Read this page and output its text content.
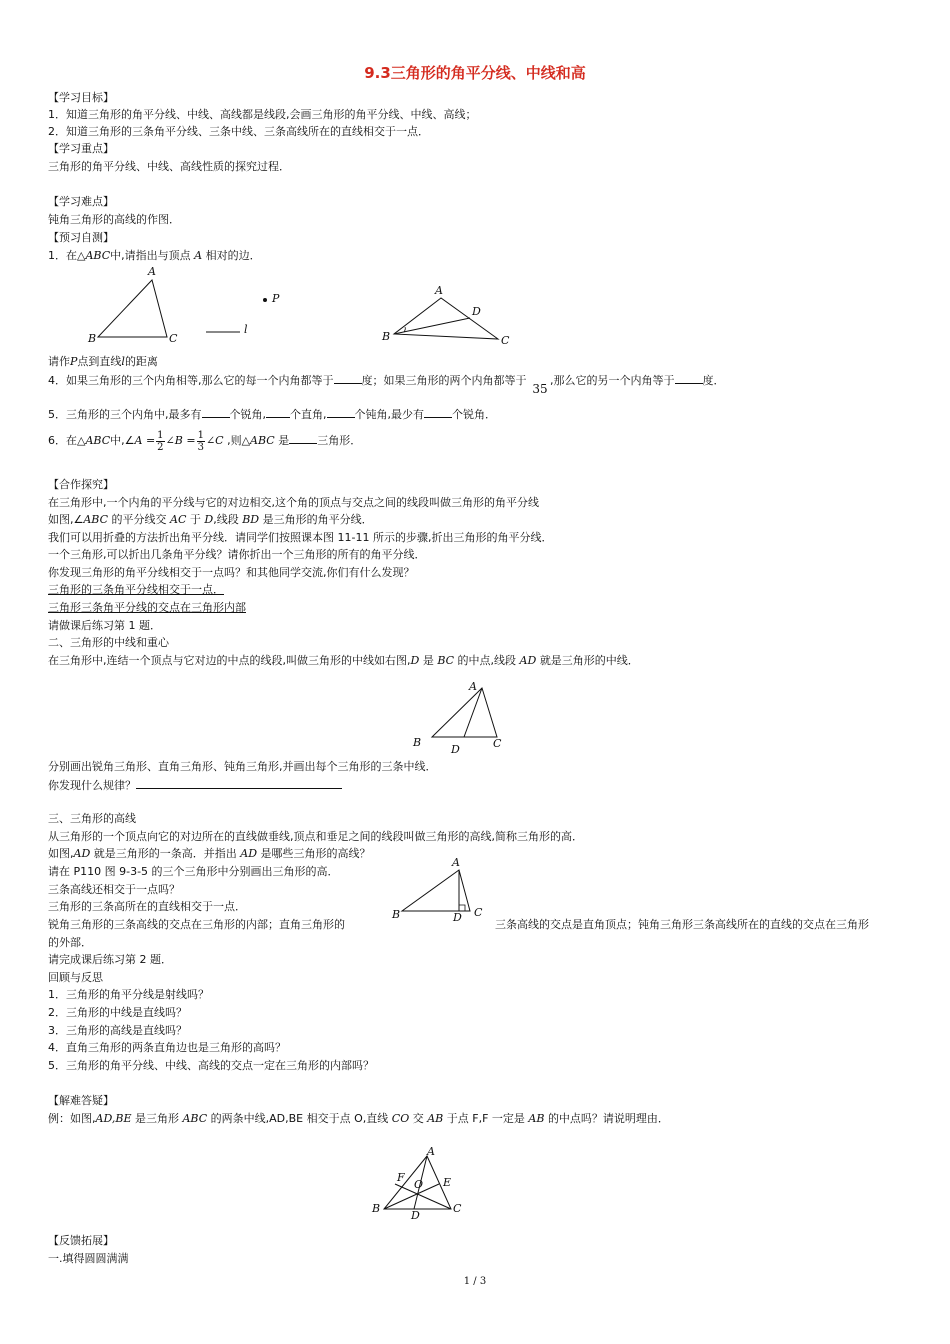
9.3三角形的角平分线、中线和高
【学习目标】
1．知道三角形的角平分线、中线、高线都是线段,会画三角形的角平分线、中线、高线；
2．知道三角形的三条角平分线、三条中线、三条高线所在的直线相交于一点．
【学习重点】
三角形的角平分线、中线、高线性质的探究过程．
【学习难点】
钝角三角形的高线的作图．
【预习自测】
1．在△ABC中,请指出与顶点 A 相对的边．
A
B	C
P
l
A
D
B	C
请作P点到直线l的距离
4．如果三角形的三个内角相等,那么它的每一个内角都等于	度；如果三角形的两个内角都等于 35,那么它的另一个内角等于	度．
5．三角形的三个内角中,最多有	个锐角, 个直角,	个钝角,最少有	个锐角．
6．在△ABC中,∠A = $\frac{1}{2}$ ∠B = $\frac{1}{3}$ ∠C ,则△ABC 是	三角形．
【合作探究】
在三角形中,一个内角的平分线与它的对边相交,这个角的顶点与交点之间的线段叫做三角形的角平分线
如图,∠ABC 的平分线交 AC 于 D,线段 BD 是三角形的角平分线．
我们可以用折叠的方法折出角平分线．请同学们按照课本图 11-11 所示的步骤,折出三角形的角平分线．
一个三角形,可以折出几条角平分线？请你折出一个三角形的所有的角平分线．
你发现三角形的角平分线相交于一点吗？和其他同学交流,你们有什么发现？
三角形的三条角平分线相交于一点．
三角形三条角平分线的交点在三角形内部
请做课后练习第 1 题．
二、三角形的中线和重心
在三角形中,连结一个顶点与它对边的中点的线段,叫做三角形的中线如右图,D 是 BC 的中点,线段 AD 就是三角形的中线．
A
B	C
D
分别画出锐角三角形、直角三角形、钝角三角形,并画出每个三角形的三条中线．
你发现什么规律？
三、三角形的高线
从三角形的一个顶点向它的对边所在的直线做垂线,顶点和垂足之间的线段叫做三角形的高线,简称三角形的高．
如图,AD 就是三角形的一条高．并指出 AD 是哪些三角形的高线？
请在 P110 图 9-3-5 的三个三角形中分别画出三角形的高．
三条高线还相交于一点吗？
三角形的三条高所在的直线相交于一点．
A
B	C
D
锐角三角形的三条高线的交点在三角形的内部；直角三角形的	三条高线的交点是直角顶点；钝角三角形三条高线所在的直线的交点在三角形
的外部．
请完成课后练习第 2 题．
回顾与反思
1．三角形的角平分线是射线吗？
2．三角形的中线是直线吗？
3．三角形的高线是直线吗？
4．直角三角形的两条直角边也是三角形的高吗？
5．三角形的角平分线、中线、高线的交点一定在三角形的内部吗？
【解难答疑】
例：如图,AD,BE 是三角形 ABC 的两条中线,AD,BE 相交于点 O,直线 CO 交 AB 于点 F,F 一定是 AB 的中点吗？请说明理由．
A
B	C
D
E
F
O
【反馈拓展】
一.填得圆圆满满
1 / 3
